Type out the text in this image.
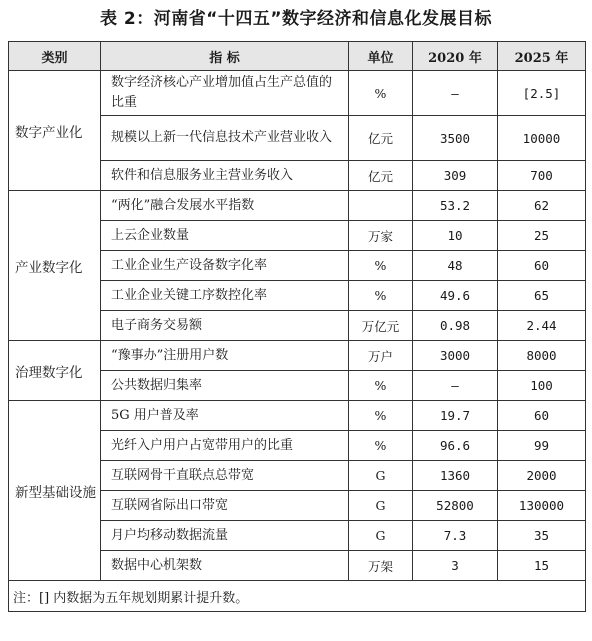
表 2：河南省“十四五”数字经济和信息化发展目标
类别	指 标	单位	2020 年	2025 年
数字产业化	数字经济核心产业增加值占生产总值的比重	%	—	[2.5]
	规模以上新一代信息技术产业营业收入	亿元	3500	10000
	软件和信息服务业主营业务收入	亿元	309	700
产业数字化	“两化”融合发展水平指数		53.2	62
	上云企业数量	万家	10	25
	工业企业生产设备数字化率	%	48	60
	工业企业关键工序数控化率	%	49.6	65
	电子商务交易额	万亿元	0.98	2.44
治理数字化	“豫事办”注册用户数	万户	3000	8000
	公共数据归集率	%	—	100
新型基础设施	5G 用户普及率	%	19.7	60
	光纤入户用户占宽带用户的比重	%	96.6	99
	互联网骨干直联点总带宽	G	1360	2000
	互联网省际出口带宽	G	52800	130000
	月户均移动数据流量	G	7.3	35
	数据中心机架数	万架	3	15
注：[] 内数据为五年规划期累计提升数。				
